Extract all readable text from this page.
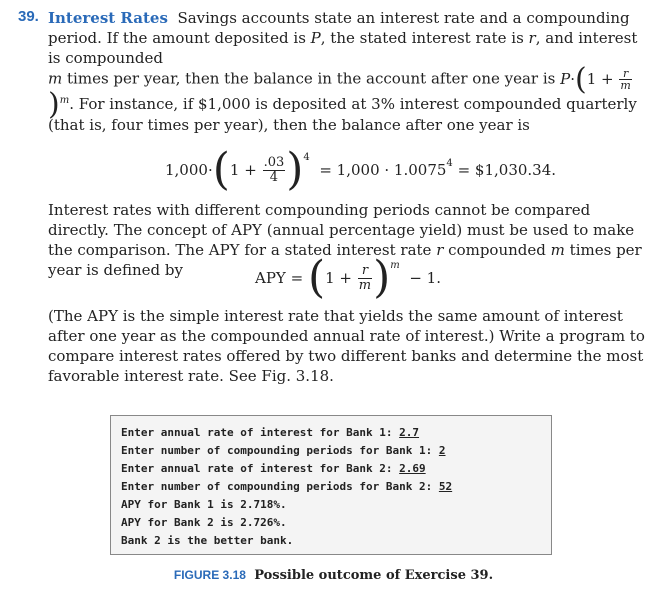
39. Interest Rates Savings accounts state an interest rate and a compounding period. If the amount deposited is P, the stated interest rate is r, and interest is compounded
m times per year, then the balance in the account after one year is $P\cdot(1 + \frac{r}{m}$
)$^m$. For instance, if $1,000 is deposited at 3% interest compounded quarterly (that is, four times per year), then the balance after one year is
1,000· ( 1 +
$\frac{.03}{4} )^4$

= $1,000 \cdot 1.0075^4$
= $1,030.34.
Interest rates with different compounding periods cannot be compared directly. The concept of APY (annual percentage yield) must be used to make the comparison. The APY for a stated interest rate r compounded m times per year is defined by	APY =
( 1 +
$\frac{r}{m}$ ) $^m$

− 1.
(The APY is the simple interest rate that yields the same amount of interest after one year as the compounded annual rate of interest.) Write a program to compare interest rates offered by two different banks and determine the most favorable interest rate. See Fig. 3.18.
Enter annual rate of interest for Bank 1: 2.7
Enter number of compounding periods for Bank 1: 2
Enter annual rate of interest for Bank 2: 2.69
Enter number of compounding periods for Bank 2: 52
APY for Bank 1 is 2.718%.
APY for Bank 2 is 2.726%.
Bank 2 is the better bank.
FIGURE 3.18 Possible outcome of Exercise 39.
